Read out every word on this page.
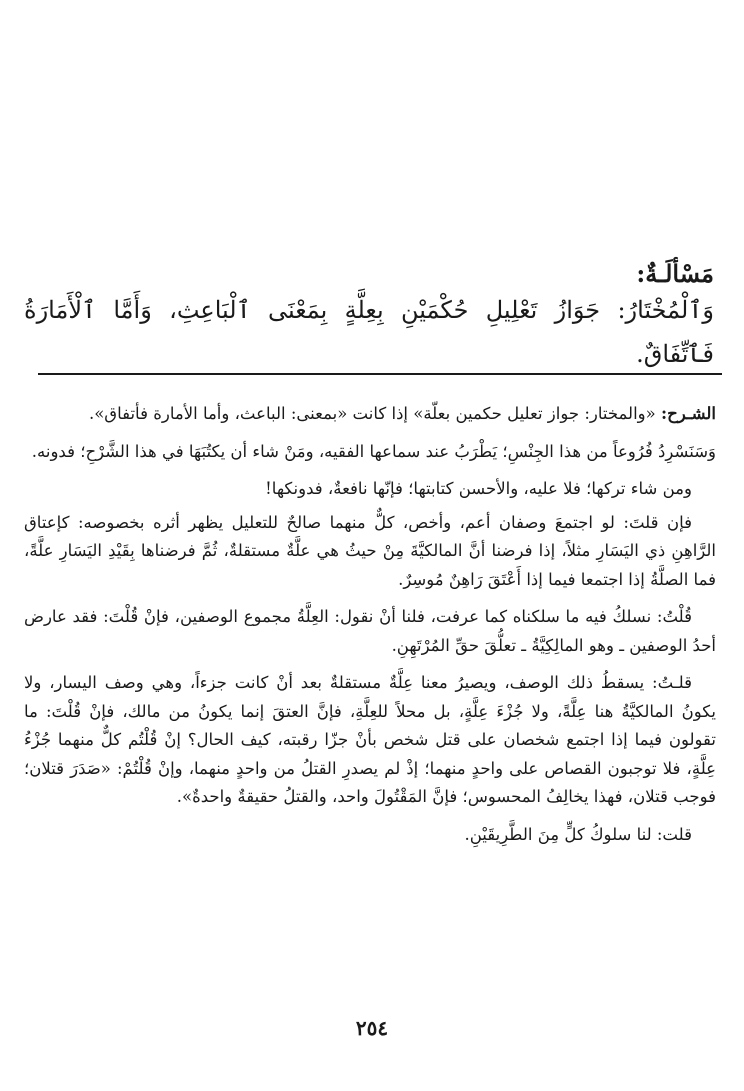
مَسْألَـةٌ:
وَٱلْمُخْتَارُ: جَوَازُ تَعْلِيلِ حُكْمَيْنِ بِعِلَّةٍ بِمَعْنَى ٱلْبَاعِثِ، وَأَمَّا ٱلْأَمَارَةُ فَٱتِّفَاقٌ.

الشـرح: «والمختار: جواز تعليل حكمين بعلّة» إذا كانت «بمعنى: الباعث، وأما الأمارة فأتفاق».

وَسَنَسْرِدُ فُرُوعاً من هذا الجِنْسِ؛ يَطْرَبُ عند سماعها الفقيه، ومَنْ شاء أن يكتُبَهَا في هذا الشَّرْحِ؛ فدونه.

ومن شاء تركها؛ فلا عليه، والأحسن كتابتها؛ فإنّها نافعةٌ، فدونكها!

فإن قلتَ: لو اجتمعَ وصفان أعم، وأخص، كلٌّ منهما صالحٌ للتعليل يظهر أثره بخصوصه: كإعتاق الرَّاهِنِ ذي اليَسَارِ مثلاً، إذا فرضنا أنَّ المالكيَّةَ مِنْ حيثُ هي علَّةٌ مستقلةٌ، ثُمَّ فرضناها بِقَيْدِ اليَسَارِ علَّةً، فما الصلَّةُ إذا اجتمعا فيما إذا أَعْتَقَ رَاهِنٌ مُوسِرٌ.

قُلْتُ: نسلكُ فيه ما سلكناه كما عرفت، فلنا أنْ نقول: العِلَّةُ مجموع الوصفين، فإنْ قُلْتَ: فقد عارض أحدُ الوصفين ـ وهو المالِكِيَّةُ ـ تعلُّقَ حقِّ المُرْتَهِنِ.

قلـتُ: يسقطُ ذلك الوصف، ويصيرُ معنا عِلَّةٌ مستقلةٌ بعد أنْ كانت جزءاً، وهي وصف اليسار، ولا يكونُ المالكيَّةُ هنا عِلَّةً، ولا جُزْءَ عِلَّةٍ، بل محلاً للعِلَّةِ، فإنَّ العتقَ إنما يكونُ من مالك، فإنْ قُلْتَ: ما تقولون فيما إذا اجتمع شخصان على قتل شخص بأنْ جزّا رقبته، كيف الحال؟ إنْ قُلْتُم كلٌّ منهما جُزْءُ عِلَّةٍ، فلا توجبون القصاص على واحدٍ منهما؛ إذْ لم يصدرِ القتلُ من واحدٍ منهما، وإنْ قُلْتُمْ: «صَدَرَ قتلان؛ فوجب قتلان، فهذا يخالِفُ المحسوس؛ فإنَّ المَقْتُولَ واحد، والقتلُ حقيقةٌ واحدةٌ».

قلت: لنا سلوكُ كلٍّ مِنَ الطَّرِيقَيْنِ.

٢٥٤
